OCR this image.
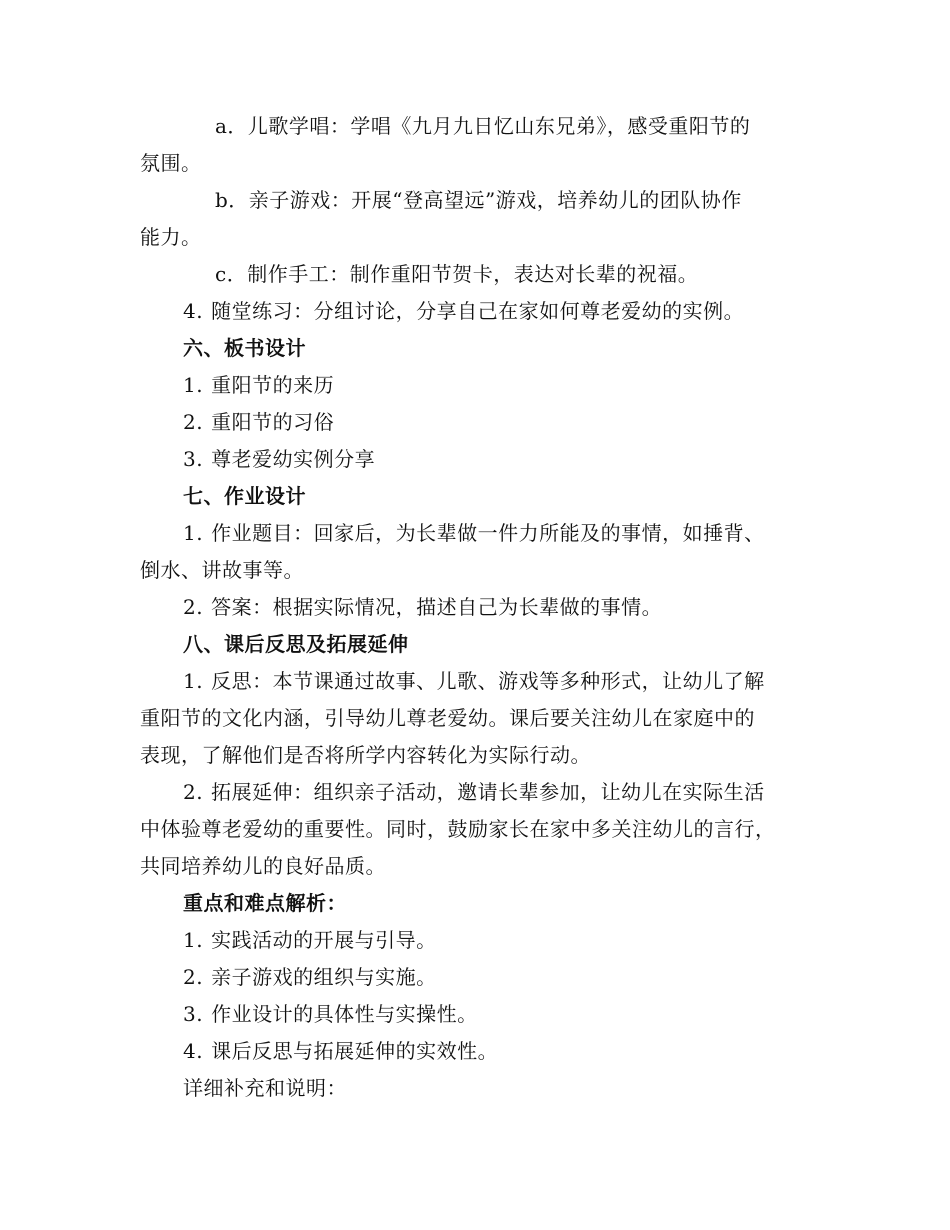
a．儿歌学唱：学唱《九月九日忆山东兄弟》，感受重阳节的
氛围。
b．亲子游戏：开展“登高望远”游戏，培养幼儿的团队协作
能力。
c．制作手工：制作重阳节贺卡，表达对长辈的祝福。
4. 随堂练习：分组讨论，分享自己在家如何尊老爱幼的实例。
六、板书设计
1. 重阳节的来历
2. 重阳节的习俗
3. 尊老爱幼实例分享
七、作业设计
1. 作业题目：回家后，为长辈做一件力所能及的事情，如捶背、
倒水、讲故事等。
2. 答案：根据实际情况，描述自己为长辈做的事情。
八、课后反思及拓展延伸
1. 反思：本节课通过故事、儿歌、游戏等多种形式，让幼儿了解
重阳节的文化内涵，引导幼儿尊老爱幼。课后要关注幼儿在家庭中的
表现，了解他们是否将所学内容转化为实际行动。
2. 拓展延伸：组织亲子活动，邀请长辈参加，让幼儿在实际生活
中体验尊老爱幼的重要性。同时，鼓励家长在家中多关注幼儿的言行，
共同培养幼儿的良好品质。
重点和难点解析：
1. 实践活动的开展与引导。
2. 亲子游戏的组织与实施。
3. 作业设计的具体性与实操性。
4. 课后反思与拓展延伸的实效性。
详细补充和说明：
